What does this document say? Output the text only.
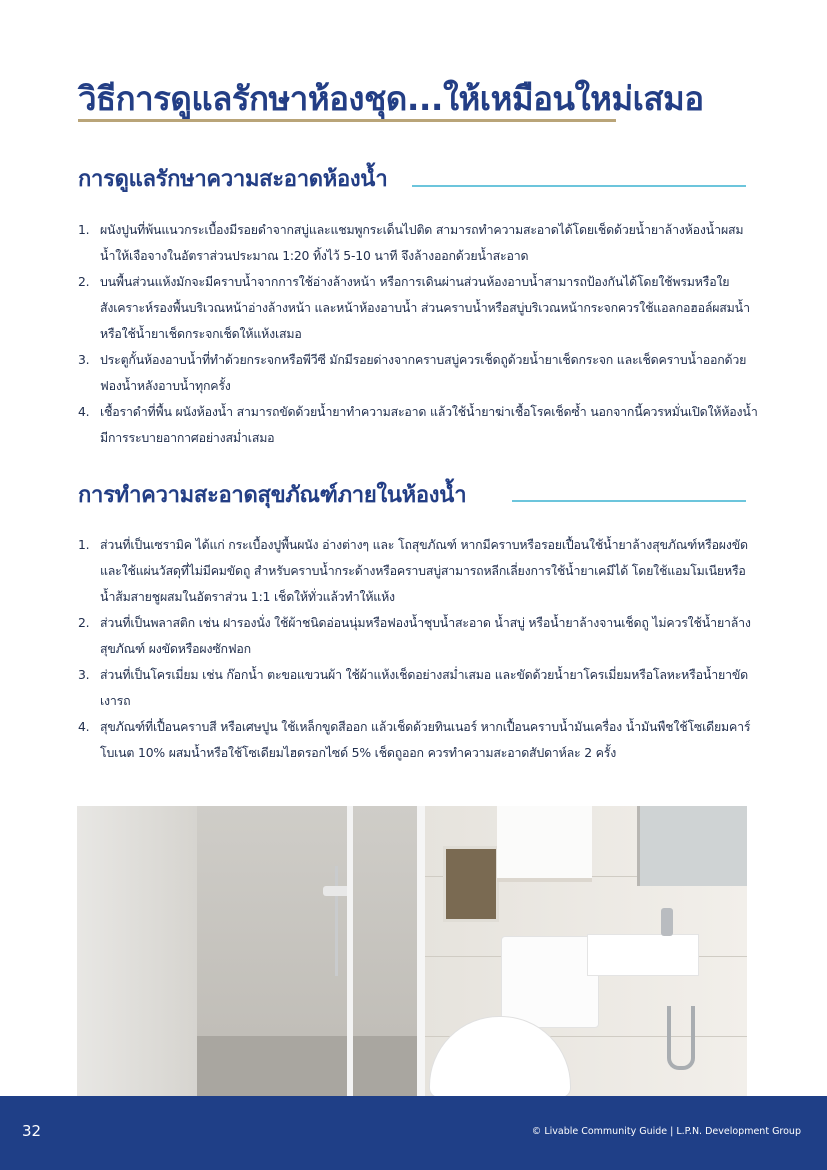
วิธีการดูแลรักษาห้องชุด...ให้เหมือนใหม่เสมอ
การดูแลรักษาความสะอาดห้องน้ำ
1. ผนังปูนที่พ้นแนวกระเบื้องมีรอยดำจากสบู่และแชมพูกระเด็นไปติด สามารถทำความสะอาดได้โดยเช็ดด้วยน้ำยาล้างห้องน้ำผสมน้ำให้เจือจางในอัตราส่วนประมาณ 1:20 ทิ้งไว้ 5-10 นาที จึงล้างออกด้วยน้ำสะอาด
2. บนพื้นส่วนแห้งมักจะมีคราบน้ำจากการใช้อ่างล้างหน้า หรือการเดินผ่านส่วนห้องอาบน้ำสามารถป้องกันได้โดยใช้พรมหรือใยสังเคราะห์รองพื้นบริเวณหน้าอ่างล้างหน้า และหน้าห้องอาบน้ำ ส่วนคราบน้ำหรือสบู่บริเวณหน้ากระจกควรใช้แอลกอฮอล์ผสมน้ำหรือใช้น้ำยาเช็ดกระจกเช็ดให้แห้งเสมอ
3. ประตูกั้นห้องอาบน้ำที่ทำด้วยกระจกหรือพีวีซี มักมีรอยด่างจากคราบสบู่ควรเช็ดถูด้วยน้ำยาเช็ดกระจก และเช็ดคราบน้ำออกด้วยฟองน้ำหลังอาบน้ำทุกครั้ง
4. เชื้อราดำที่พื้น ผนังห้องน้ำ สามารถขัดด้วยน้ำยาทำความสะอาด แล้วใช้น้ำยาฆ่าเชื้อโรคเช็ดซ้ำ นอกจากนี้ควรหมั่นเปิดให้ห้องน้ำมีการระบายอากาศอย่างสม่ำเสมอ
การทำความสะอาดสุขภัณฑ์ภายในห้องน้ำ
1. ส่วนที่เป็นเซรามิค ได้แก่ กระเบื้องปูพื้นผนัง อ่างต่างๆ และ โถสุขภัณฑ์ หากมีคราบหรือรอยเปื้อนใช้น้ำยาล้างสุขภัณฑ์หรือผงขัด และใช้แผ่นวัสดุที่ไม่มีคมขัดถู สำหรับคราบน้ำกระด้างหรือคราบสบู่สามารถหลีกเลี่ยงการใช้น้ำยาเคมีได้ โดยใช้แอมโมเนียหรือน้ำส้มสายชูผสมในอัตราส่วน 1:1 เช็ดให้ทั่วแล้วทำให้แห้ง
2. ส่วนที่เป็นพลาสติก เช่น ฝารองนั่ง ใช้ผ้าชนิดอ่อนนุ่มหรือฟองน้ำชุบน้ำสะอาด น้ำสบู่ หรือน้ำยาล้างจานเช็ดถู ไม่ควรใช้น้ำยาล้างสุขภัณฑ์ ผงขัดหรือผงซักฟอก
3. ส่วนที่เป็นโครเมี่ยม เช่น ก๊อกน้ำ ตะขอแขวนผ้า ใช้ผ้าแห้งเช็ดอย่างสม่ำเสมอ และขัดด้วยน้ำยาโครเมี่ยมหรือโลหะหรือน้ำยาขัดเงารถ
4. สุขภัณฑ์ที่เปื้อนคราบสี หรือเศษปูน ใช้เหล็กขูดสีออก แล้วเช็ดด้วยทินเนอร์ หากเปื้อนคราบน้ำมันเครื่อง น้ำมันพืชใช้โซเดียมคาร์โบเนต 10% ผสมน้ำหรือใช้โซเดียมไฮดรอกไซด์ 5% เช็ดถูออก ควรทำความสะอาดสัปดาห์ละ 2 ครั้ง
32	© Livable Community Guide | L.P.N. Development Group
